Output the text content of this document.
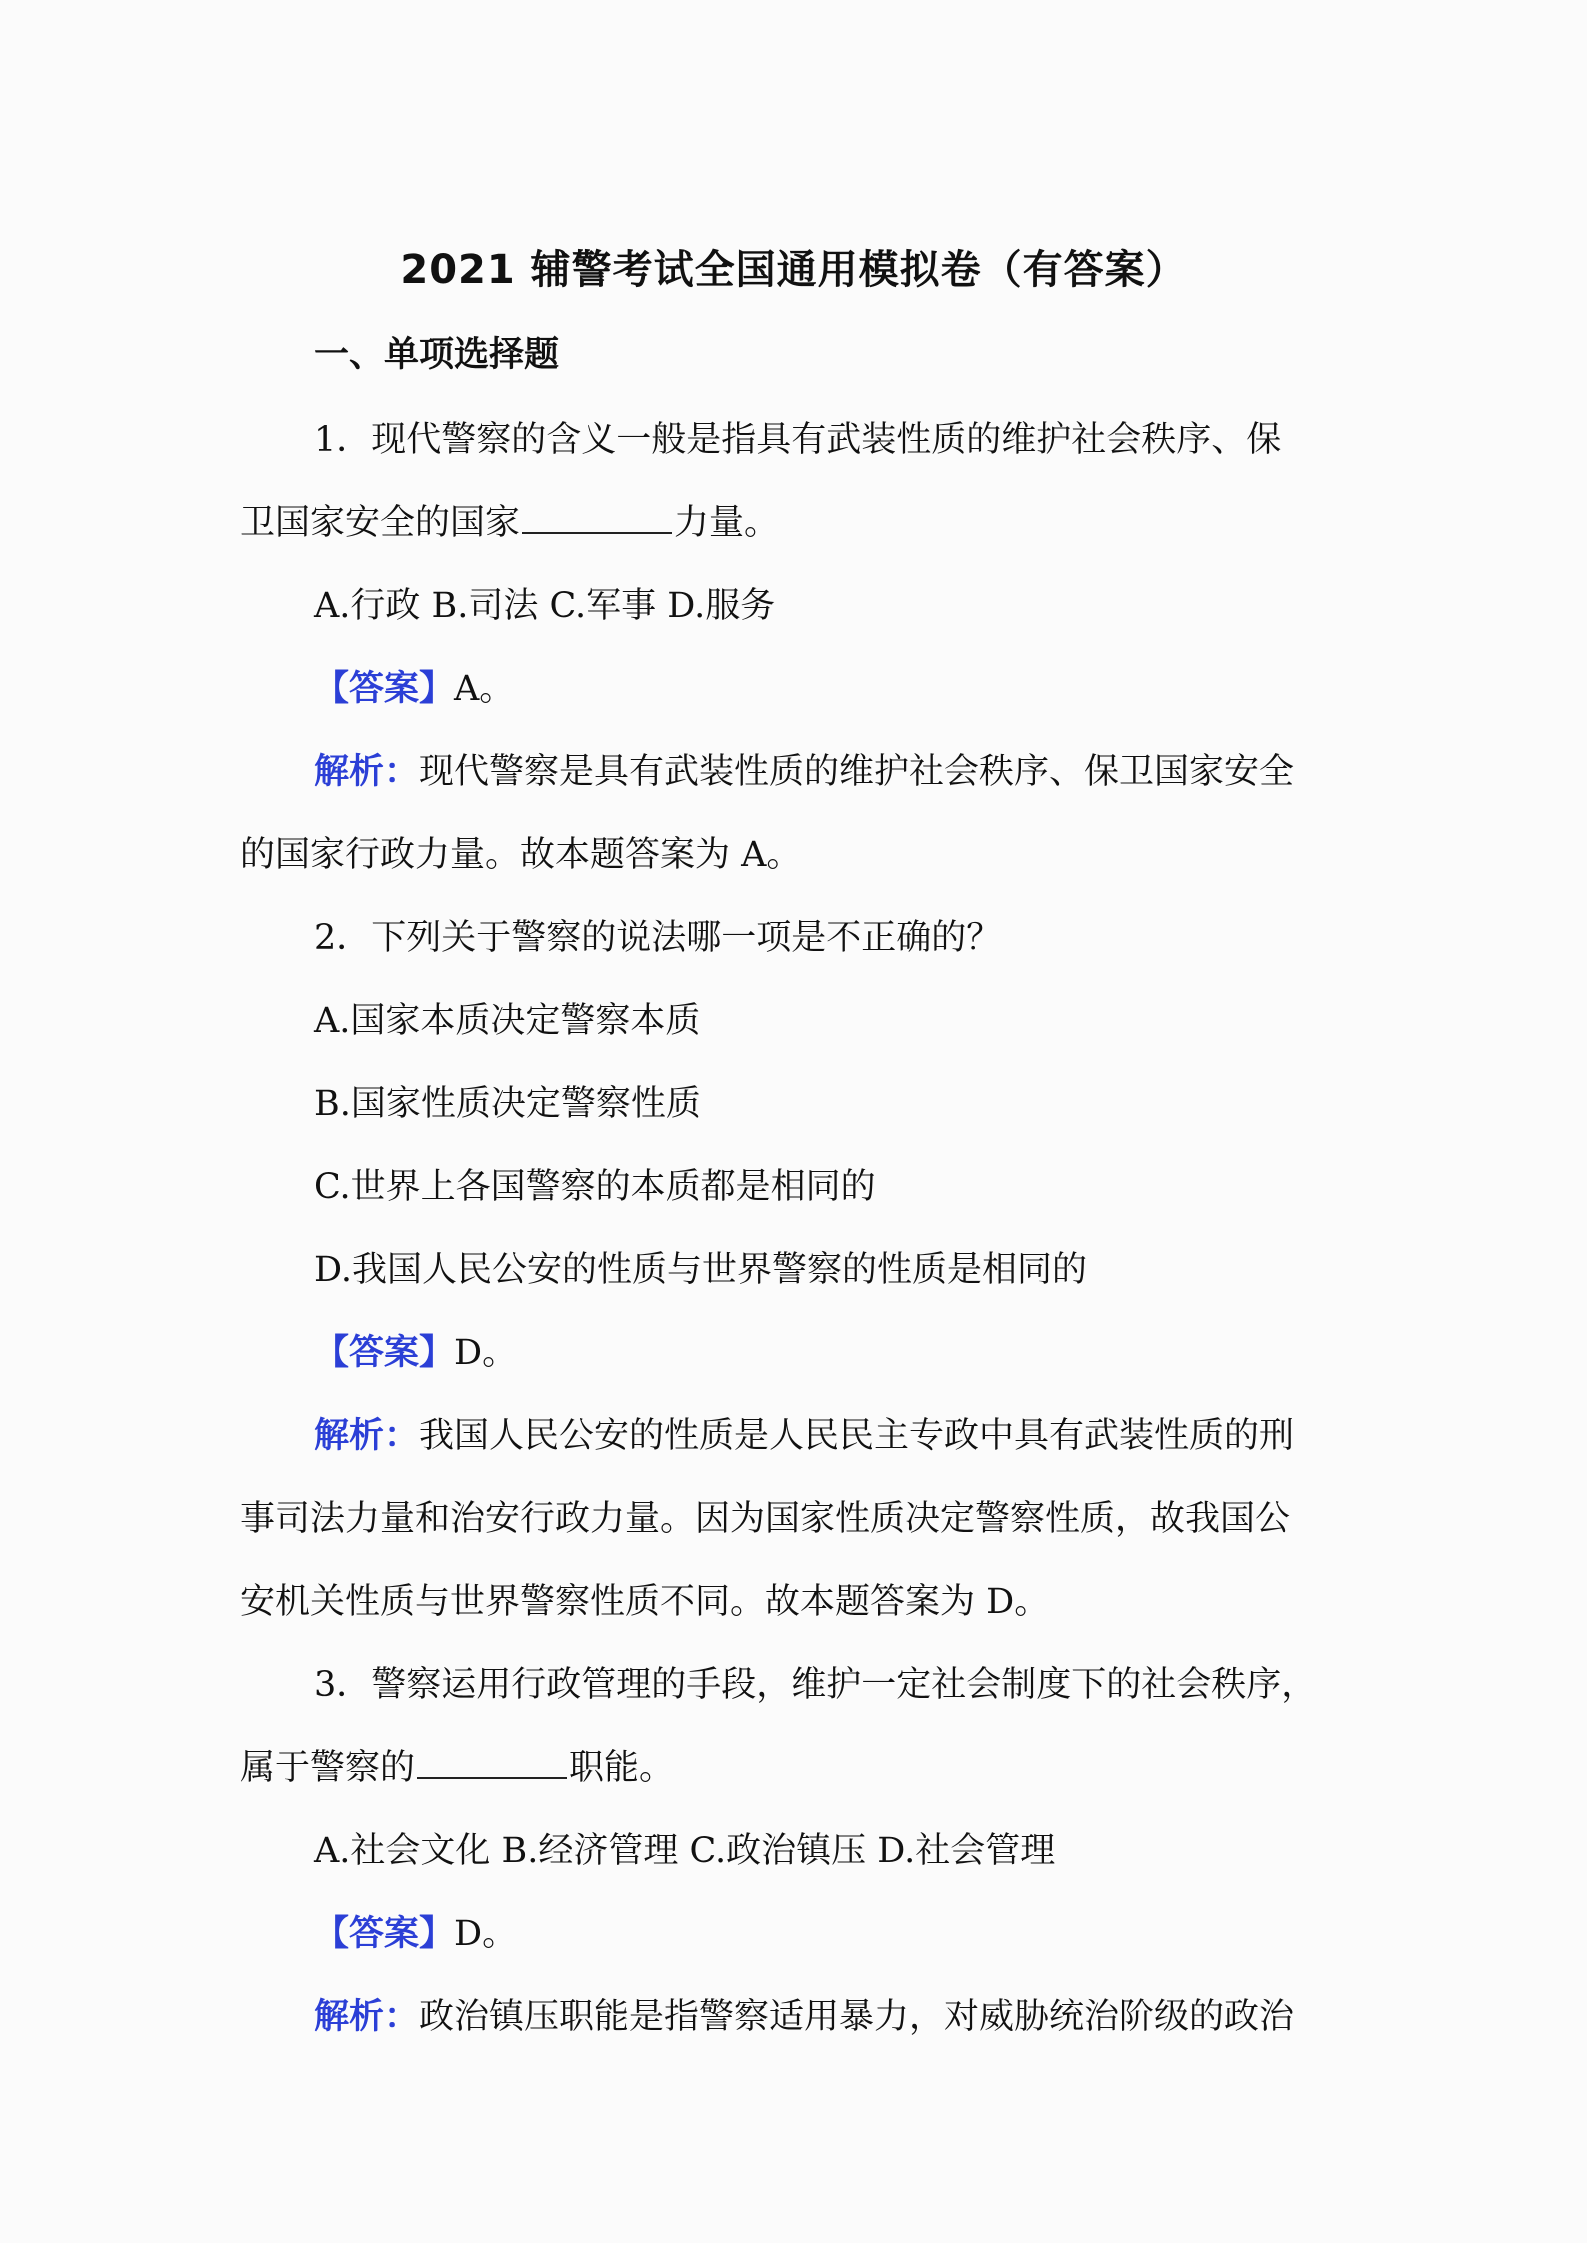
2021 辅警考试全国通用模拟卷（有答案）
一、单项选择题
1．现代警察的含义一般是指具有武装性质的维护社会秩序、保
卫国家安全的国家	力量。
A.行政 B.司法 C.军事 D.服务
【答案】A。
解析：现代警察是具有武装性质的维护社会秩序、保卫国家安全
的国家行政力量。故本题答案为 A。
2．下列关于警察的说法哪一项是不正确的？
A.国家本质决定警察本质
B.国家性质决定警察性质
C.世界上各国警察的本质都是相同的
D.我国人民公安的性质与世界警察的性质是相同的
【答案】D。
解析：我国人民公安的性质是人民民主专政中具有武装性质的刑
事司法力量和治安行政力量。因为国家性质决定警察性质，故我国公
安机关性质与世界警察性质不同。故本题答案为 D。
3．警察运用行政管理的手段，维护一定社会制度下的社会秩序，
属于警察的	职能。
A.社会文化 B.经济管理 C.政治镇压 D.社会管理
【答案】D。
解析：政治镇压职能是指警察适用暴力，对威胁统治阶级的政治
